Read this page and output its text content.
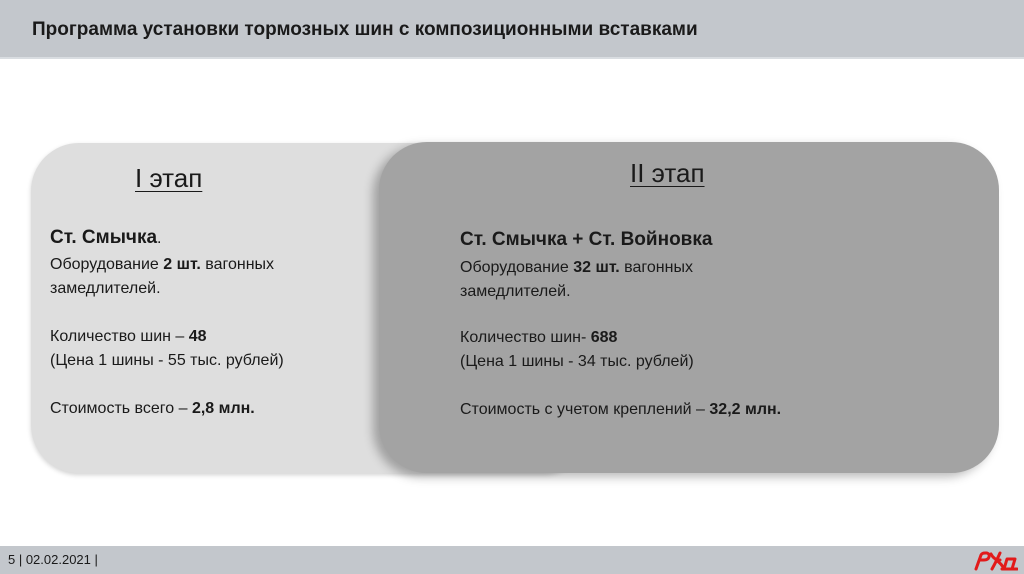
Программа установки тормозных шин с композиционными вставками
I этап
Ст. Смычка.
Оборудование 2 шт. вагонных
замедлителей.
Количество шин – 48
(Цена 1 шины - 55 тыс. рублей)
Стоимость всего – 2,8 млн.
II этап
Ст. Смычка + Ст. Войновка
Оборудование 32 шт. вагонных
замедлителей.
Количество шин- 688
(Цена 1 шины - 34 тыс. рублей)
Стоимость с учетом креплений – 32,2 млн.
5 | 02.02.2021 |
